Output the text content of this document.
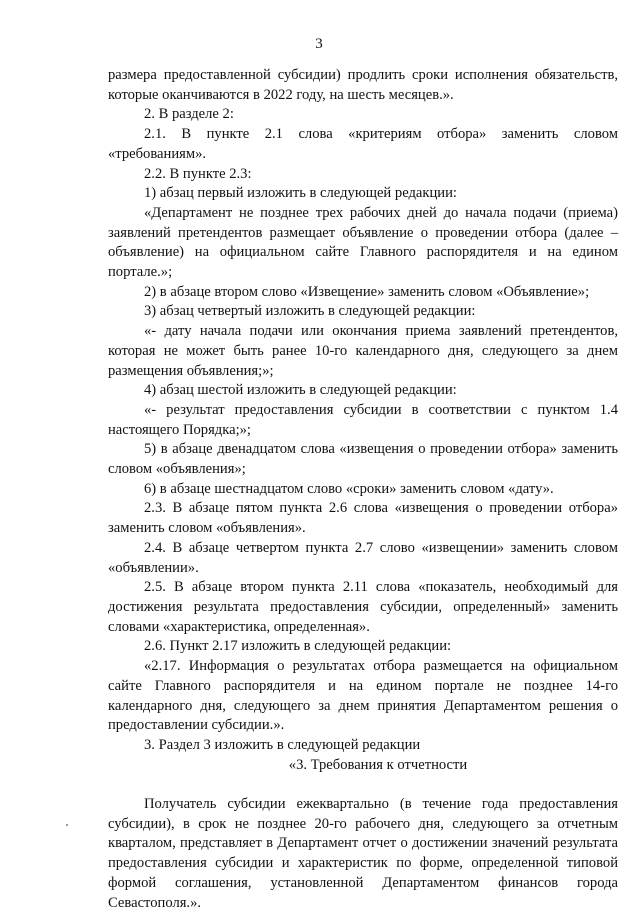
3

размера предоставленной субсидии) продлить сроки исполнения обязательств, которые оканчиваются в 2022 году, на шесть месяцев.».

2. В разделе 2:

2.1. В пункте 2.1 слова «критериям отбора» заменить словом «требованиям».

2.2. В пункте 2.3:

1) абзац первый изложить в следующей редакции:

«Департамент не позднее трех рабочих дней до начала подачи (приема) заявлений претендентов размещает объявление о проведении отбора (далее – объявление) на официальном сайте Главного распорядителя и на едином портале.»;

2) в абзаце втором слово «Извещение» заменить словом «Объявление»;

3) абзац четвертый изложить в следующей редакции:

«- дату начала подачи или окончания приема заявлений претендентов, которая не может быть ранее 10-го календарного дня, следующего за днем размещения объявления;»;

4) абзац шестой изложить в следующей редакции:

«- результат предоставления субсидии в соответствии с пунктом 1.4 настоящего Порядка;»;

5) в абзаце двенадцатом слова «извещения о проведении отбора» заменить словом «объявления»;

6) в абзаце шестнадцатом слово «сроки» заменить словом «дату».

2.3. В абзаце пятом пункта 2.6 слова «извещения о проведении отбора» заменить словом «объявления».

2.4. В абзаце четвертом пункта 2.7 слово «извещении» заменить словом «объявлении».

2.5. В абзаце втором пункта 2.11 слова «показатель, необходимый для достижения результата предоставления субсидии, определенный» заменить словами «характеристика, определенная».

2.6. Пункт 2.17 изложить в следующей редакции:

«2.17. Информация о результатах отбора размещается на официальном сайте Главного распорядителя и на едином портале не позднее 14-го календарного дня, следующего за днем принятия Департаментом решения о предоставлении субсидии.».

3. Раздел 3 изложить в следующей редакции

«3. Требования к отчетности

Получатель субсидии ежеквартально (в течение года предоставления субсидии), в срок не позднее 20-го рабочего дня, следующего за отчетным кварталом, представляет в Департамент отчет о достижении значений результата предоставления субсидии и характеристик по форме, определенной типовой формой соглашения, установленной Департаментом финансов города Севастополя.».
